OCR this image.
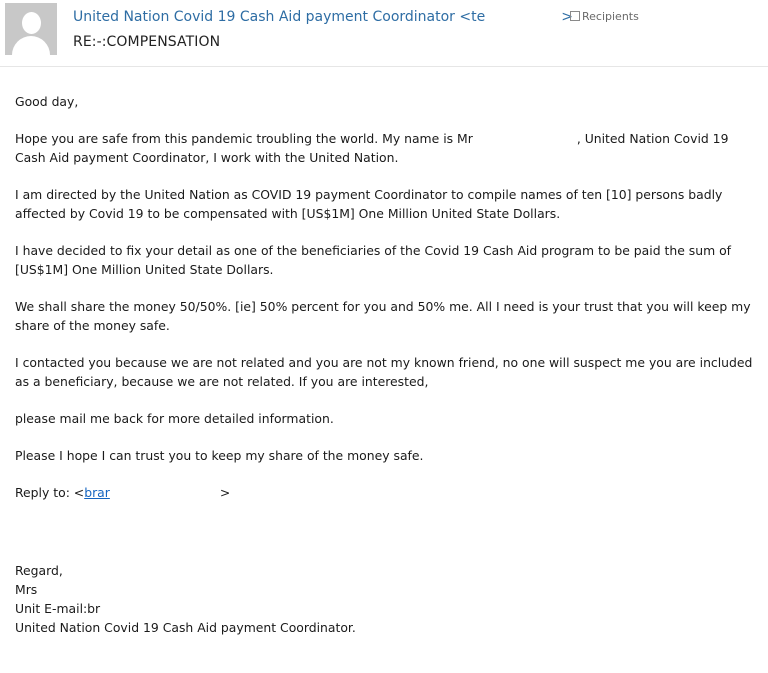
United Nation Covid 19 Cash Aid payment Coordinator <te	> Recipients
RE:-:COMPENSATION

Good day,

Hope you are safe from this pandemic troubling the world. My name is Mr	, United Nation Covid 19 Cash Aid payment Coordinator, I work with the United Nation.

I am directed by the United Nation as COVID 19 payment Coordinator to compile names of ten [10] persons badly affected by Covid 19 to be compensated with [US$1M] One Million United State Dollars.

I have decided to fix your detail as one of the beneficiaries of the Covid 19 Cash Aid program to be paid the sum of [US$1M] One Million United State Dollars.

We shall share the money 50/50%. [ie] 50% percent for you and 50% me. All I need is your trust that you will keep my share of the money safe.

I contacted you because we are not related and you are not my known friend, no one will suspect me you are included as a beneficiary, because we are not related. If you are interested,

please mail me back for more detailed information.

Please I hope I can trust you to keep my share of the money safe.

Reply to: <brar	>

Regard,
Mrs
Unit E-mail:br
United Nation Covid 19 Cash Aid payment Coordinator.
